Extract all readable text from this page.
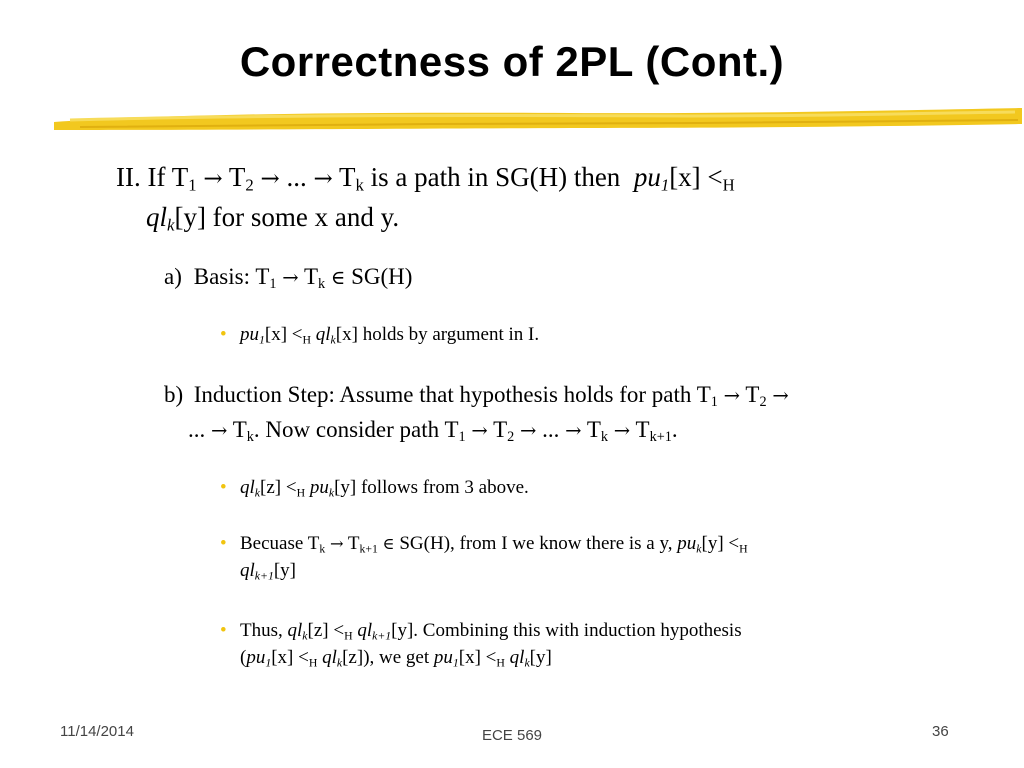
Correctness of 2PL (Cont.)
II. If $T_1 \to T_2$ → ... → $T_k$ is a path in SG(H) then  $pu_1[x] <_H$
$ql_k[y]$ for some x and y.
a) Basis: $T_1 \to T_k$ ∈ SG(H)
• $pu_1[x] <_H$ $ql_k[x]$ holds by argument in I.
b) Induction Step: Assume that hypothesis holds for path $T_1 \to T_2$ →
... → $T_k$. Now consider path $T_1 \to T_2$ → ... → $T_k \to T_{k+1}$.
• $ql_k[z] <_H$ $pu_k[y]$ follows from 3 above.
• Becuase $T_k \to T_{k+1}$ ∈ SG(H), from I we know there is a y, $pu_k[y] <_H$
$ql_{k+1}[y]$
• Thus, $ql_k[z] <_H$ $ql_{k+1}[y]$. Combining this with induction hypothesis
($pu_1[x] <_H$ $ql_k[z]$), we get $pu_1[x] <_H$ $ql_k[y]$
11/14/2014	ECE 569	36
